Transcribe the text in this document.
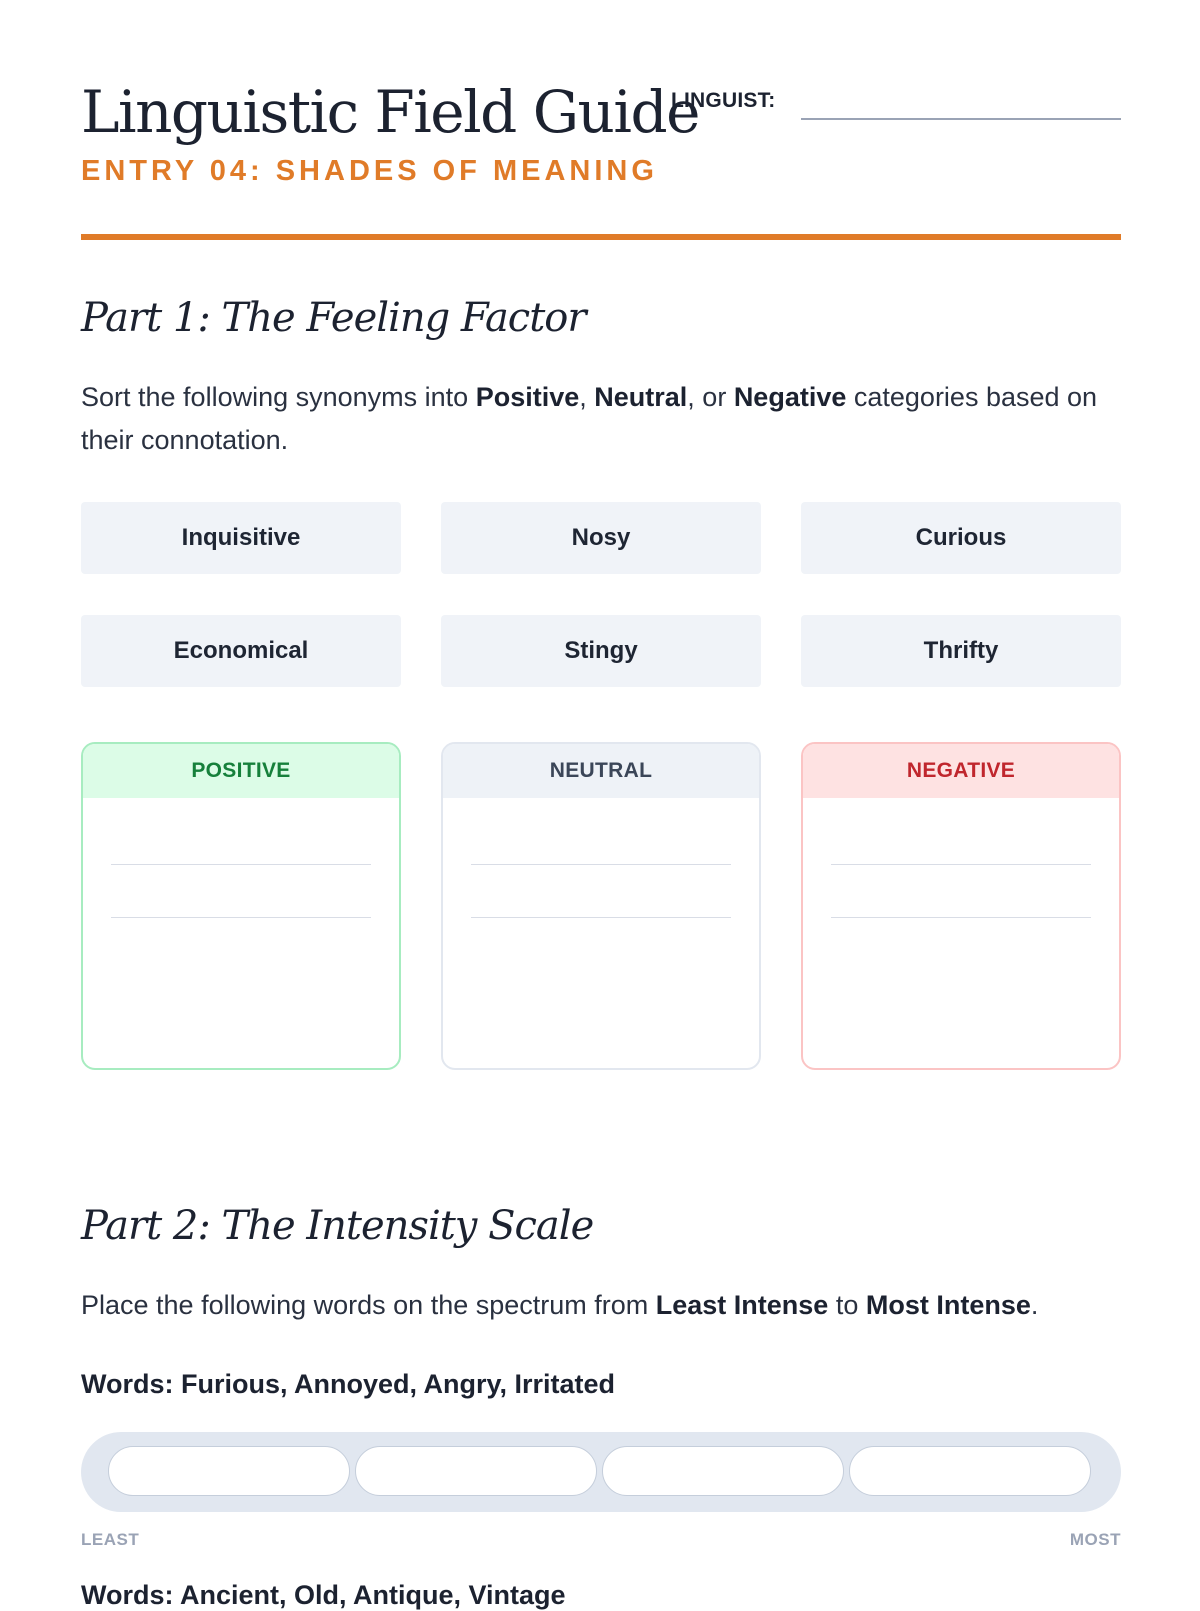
Linguistic Field Guide
LINGUIST:
ENTRY 04: SHADES OF MEANING
Part 1: The Feeling Factor

Sort the following synonyms into Positive, Neutral, or Negative categories based on their connotation.

Inquisitive	Nosy	Curious
Economical	Stingy	Thrifty
POSITIVE	NEUTRAL	NEGATIVE
Part 2: The Intensity Scale

Place the following words on the spectrum from Least Intense to Most Intense.

Words: Furious, Annoyed, Angry, Irritated
LEAST	MOST
Words: Ancient, Old, Antique, Vintage
